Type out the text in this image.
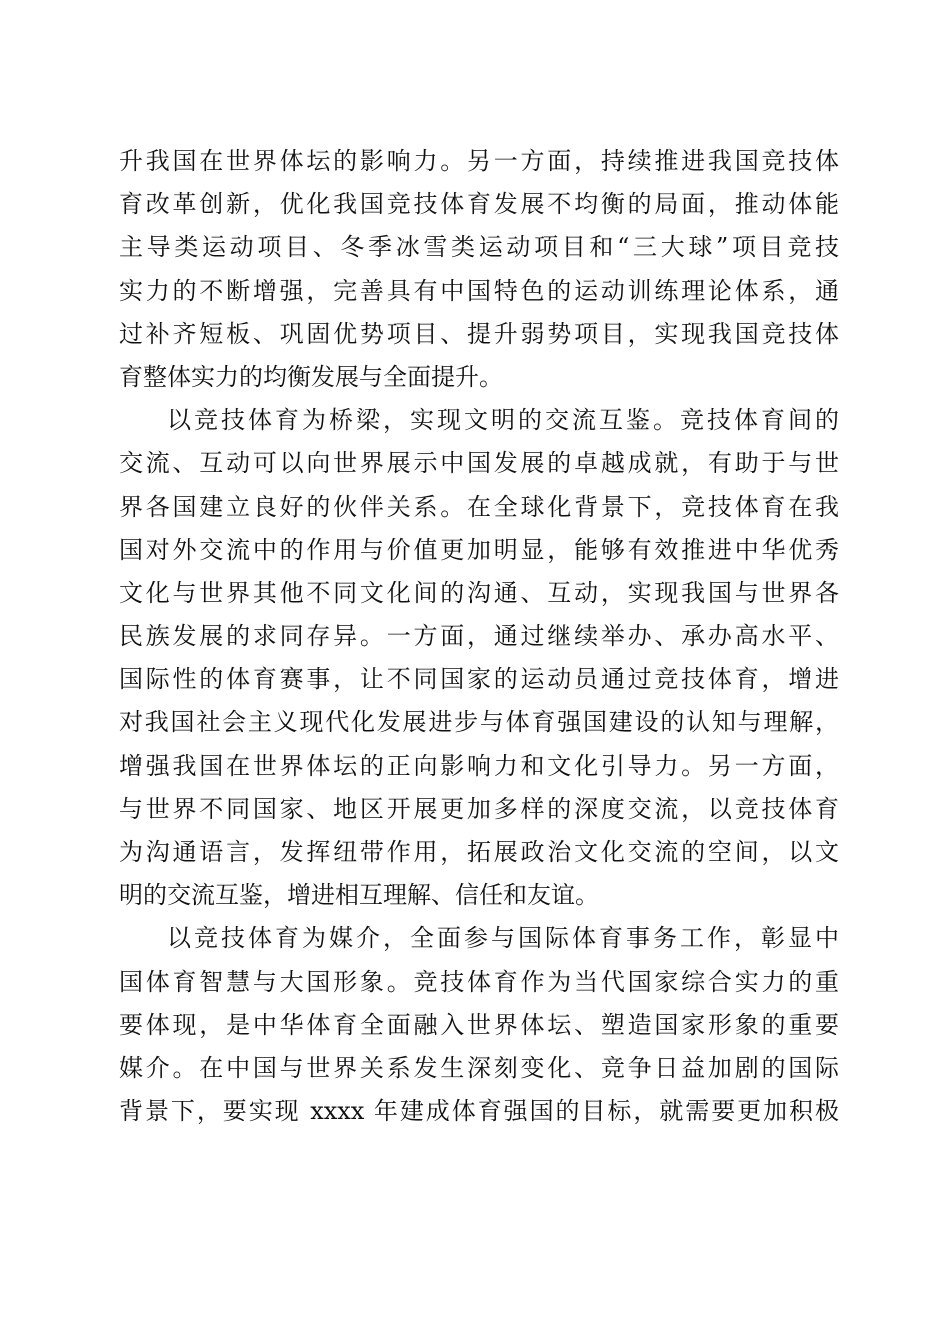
升我国在世界体坛的影响力。另一方面，持续推进我国竞技体
育改革创新，优化我国竞技体育发展不均衡的局面，推动体能
主导类运动项目、冬季冰雪类运动项目和“三大球”项目竞技
实力的不断增强，完善具有中国特色的运动训练理论体系，通
过补齐短板、巩固优势项目、提升弱势项目，实现我国竞技体
育整体实力的均衡发展与全面提升。
以竞技体育为桥梁，实现文明的交流互鉴。竞技体育间的
交流、互动可以向世界展示中国发展的卓越成就，有助于与世
界各国建立良好的伙伴关系。在全球化背景下，竞技体育在我
国对外交流中的作用与价值更加明显，能够有效推进中华优秀
文化与世界其他不同文化间的沟通、互动，实现我国与世界各
民族发展的求同存异。一方面，通过继续举办、承办高水平、
国际性的体育赛事，让不同国家的运动员通过竞技体育，增进
对我国社会主义现代化发展进步与体育强国建设的认知与理解，
增强我国在世界体坛的正向影响力和文化引导力。另一方面，
与世界不同国家、地区开展更加多样的深度交流，以竞技体育
为沟通语言，发挥纽带作用，拓展政治文化交流的空间，以文
明的交流互鉴，增进相互理解、信任和友谊。
以竞技体育为媒介，全面参与国际体育事务工作，彰显中
国体育智慧与大国形象。竞技体育作为当代国家综合实力的重
要体现，是中华体育全面融入世界体坛、塑造国家形象的重要
媒介。在中国与世界关系发生深刻变化、竞争日益加剧的国际
背景下，要实现 xxxx 年建成体育强国的目标，就需要更加积极
